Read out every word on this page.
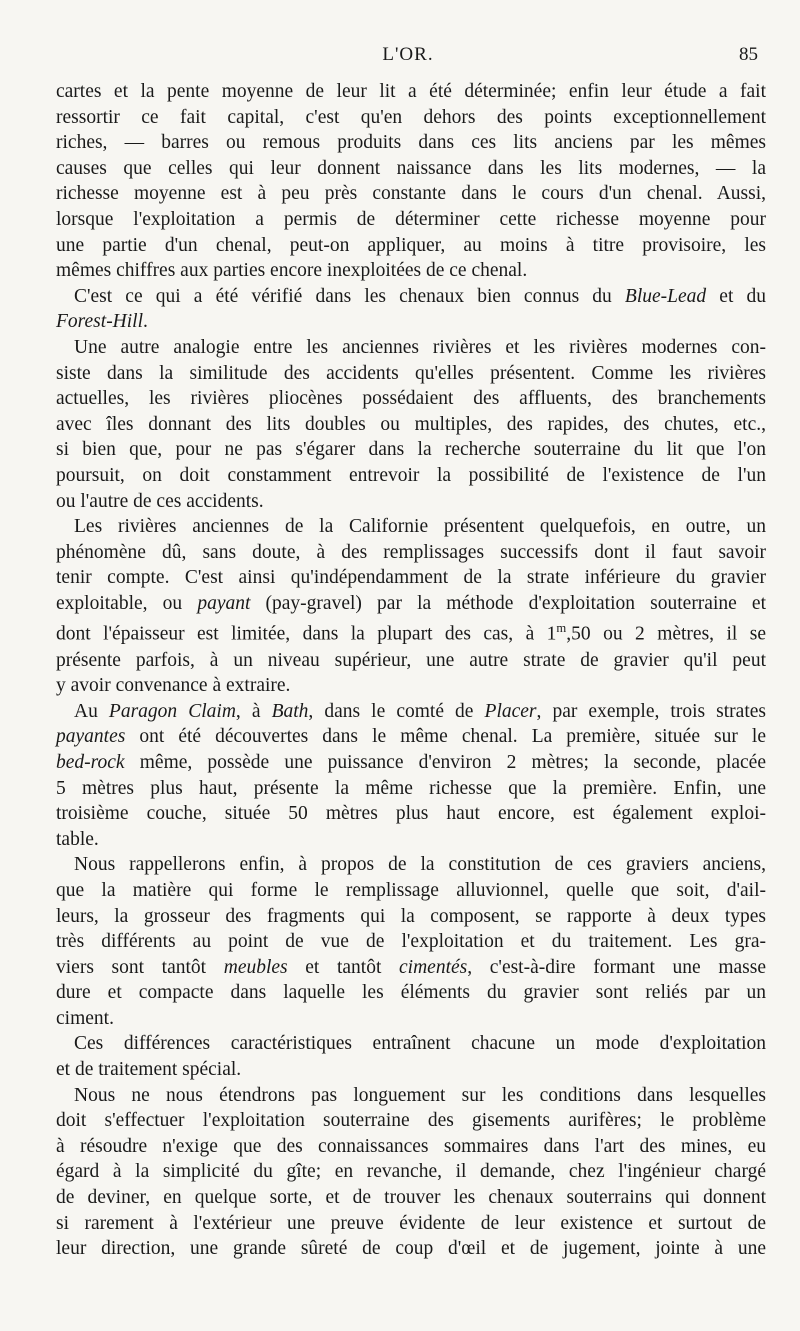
L'OR.	85

cartes et la pente moyenne de leur lit a été déterminée; enfin leur étude a fait
ressortir ce fait capital, c'est qu'en dehors des points exceptionnellement
riches, — barres ou remous produits dans ces lits anciens par les mêmes
causes que celles qui leur donnent naissance dans les lits modernes, — la
richesse moyenne est à peu près constante dans le cours d'un chenal. Aussi,
lorsque l'exploitation a permis de déterminer cette richesse moyenne pour
une partie d'un chenal, peut-on appliquer, au moins à titre provisoire, les
mêmes chiffres aux parties encore inexploitées de ce chenal.

C'est ce qui a été vérifié dans les chenaux bien connus du Blue-Lead et du
Forest-Hill.

Une autre analogie entre les anciennes rivières et les rivières modernes con-
siste dans la similitude des accidents qu'elles présentent. Comme les rivières
actuelles, les rivières pliocènes possédaient des affluents, des branchements
avec îles donnant des lits doubles ou multiples, des rapides, des chutes, etc.,
si bien que, pour ne pas s'égarer dans la recherche souterraine du lit que l'on
poursuit, on doit constamment entrevoir la possibilité de l'existence de l'un
ou l'autre de ces accidents.

Les rivières anciennes de la Californie présentent quelquefois, en outre, un
phénomène dû, sans doute, à des remplissages successifs dont il faut savoir
tenir compte. C'est ainsi qu'indépendamment de la strate inférieure du gravier
exploitable, ou payant (pay-gravel) par la méthode d'exploitation souterraine et
dont l'épaisseur est limitée, dans la plupart des cas, à 1$^m$,50 ou 2 mètres, il se
présente parfois, à un niveau supérieur, une autre strate de gravier qu'il peut
y avoir convenance à extraire.

Au Paragon Claim, à Bath, dans le comté de Placer, par exemple, trois strates
payantes ont été découvertes dans le même chenal. La première, située sur le
bed-rock même, possède une puissance d'environ 2 mètres; la seconde, placée
5 mètres plus haut, présente la même richesse que la première. Enfin, une
troisième couche, située 50 mètres plus haut encore, est également exploi-
table.

Nous rappellerons enfin, à propos de la constitution de ces graviers anciens,
que la matière qui forme le remplissage alluvionnel, quelle que soit, d'ail-
leurs, la grosseur des fragments qui la composent, se rapporte à deux types
très différents au point de vue de l'exploitation et du traitement. Les gra-
viers sont tantôt meubles et tantôt cimentés, c'est-à-dire formant une masse
dure et compacte dans laquelle les éléments du gravier sont reliés par un
ciment.

Ces différences caractéristiques entraînent chacune un mode d'exploitation
et de traitement spécial.

Nous ne nous étendrons pas longuement sur les conditions dans lesquelles
doit s'effectuer l'exploitation souterraine des gisements aurifères; le problème
à résoudre n'exige que des connaissances sommaires dans l'art des mines, eu
égard à la simplicité du gîte; en revanche, il demande, chez l'ingénieur chargé
de deviner, en quelque sorte, et de trouver les chenaux souterrains qui donnent
si rarement à l'extérieur une preuve évidente de leur existence et surtout de
leur direction, une grande sûreté de coup d'œil et de jugement, jointe à une
